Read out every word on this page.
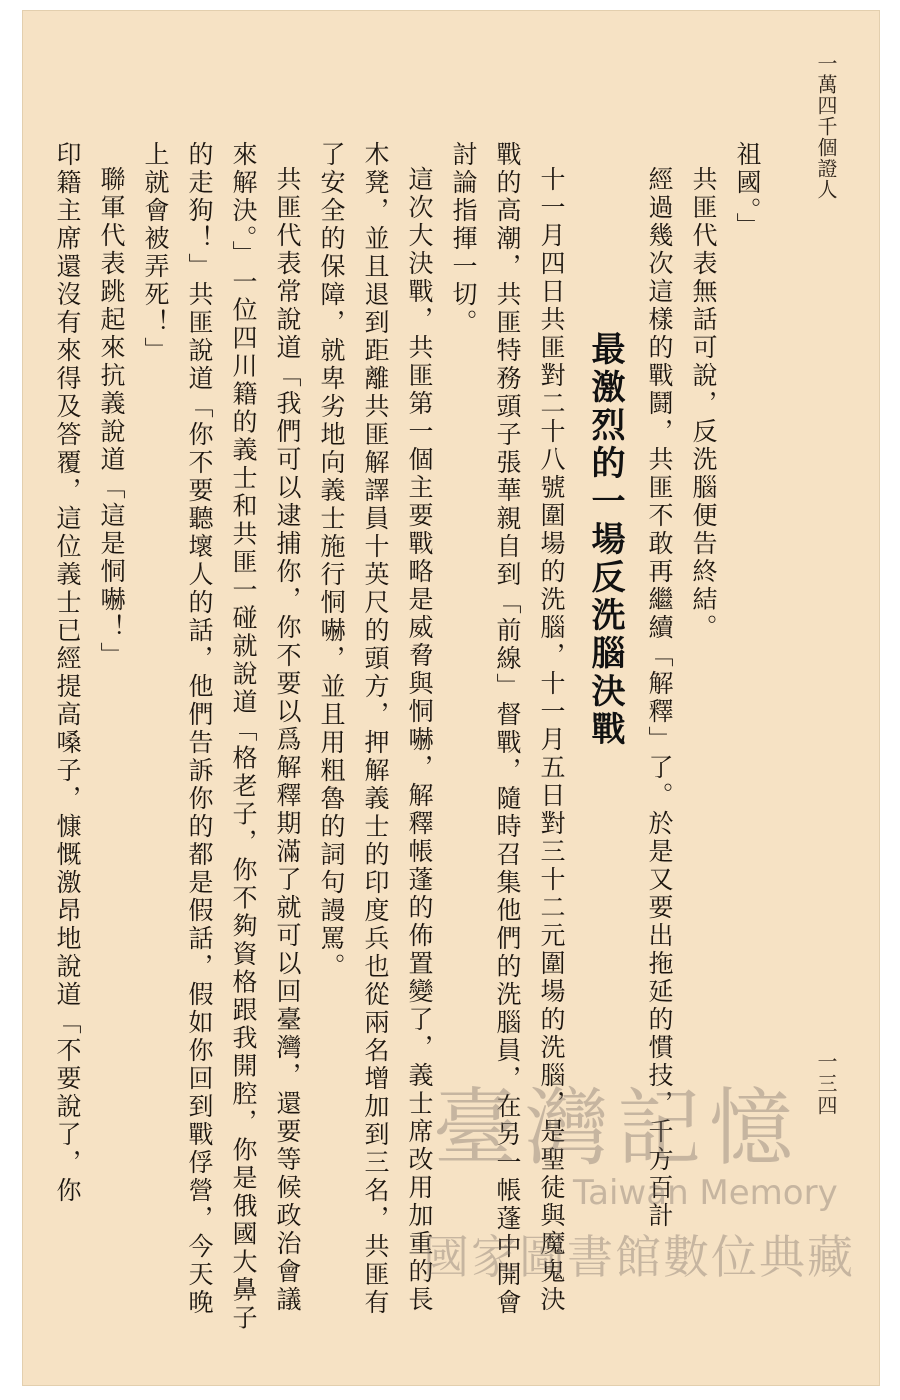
一萬四千個證人

祖國。」

共匪代表無話可說，反洗腦便告終結。

經過幾次這樣的戰鬪，共匪不敢再繼續「解釋」了。於是又要出拖延的慣技，千方百計

最激烈的一場反洗腦決戰

十一月四日共匪對二十八號圍場的洗腦，十一月五日對三十二元圍場的洗腦，是聖徒與魔鬼決戰的高潮，共匪特務頭子張華親自到「前線」督戰，隨時召集他們的洗腦員，在另一帳蓬中開會討論指揮一切。

這次大決戰，共匪第一個主要戰略是威脅與恫嚇，解釋帳蓬的佈置變了，義士席改用加重的長木凳，並且退到距離共匪解譯員十英尺的頭方，押解義士的印度兵也從兩名增加到三名，共匪有了安全的保障，就卑劣地向義士施行恫嚇，並且用粗魯的詞句謾罵。

共匪代表常說道「我們可以逮捕你，你不要以爲解釋期滿了就可以回臺灣，還要等候政治會議來解決。」一位四川籍的義士和共匪一碰就說道「格老子，你不夠資格跟我開腔，你是俄國大鼻子的走狗！」共匪說道「你不要聽壞人的話，他們告訴你的都是假話，假如你回到戰俘營，今天晚上就會被弄死！」

聯軍代表跳起來抗義說道「這是恫嚇！」

印籍主席還沒有來得及答覆，這位義士已經提高嗓子，慷慨激昂地說道「不要說了，你	一三四
臺灣記憶
Taiwan Memory
國家圖書館數位典藏
